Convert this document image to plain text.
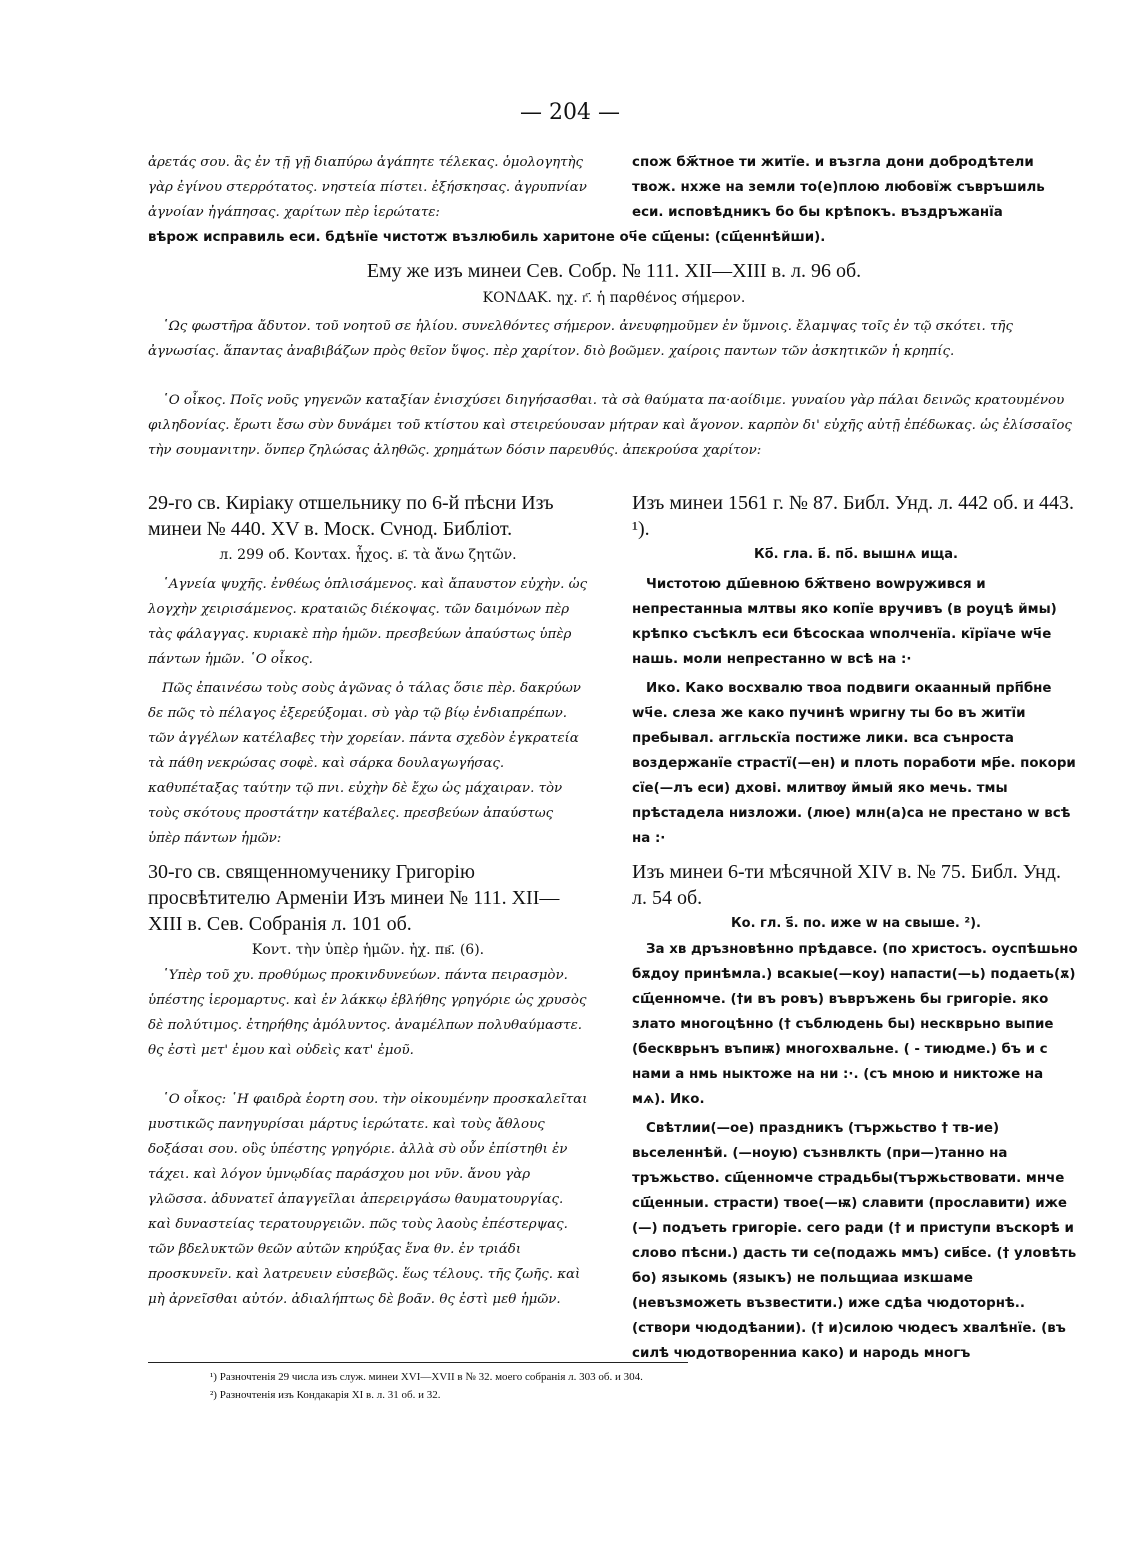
— 204 —
ἀρετάς σου. ἃς ἐν τῇ γῇ διαπύρω ἀγάπητε τέλεκας. ὁμολογητὴς γὰρ ἐγίνου στερρότατος. νηστεία πίστει. ἐξήσκησας. ἀγρυπνίαν ἀγνοίαν ἠγάπησας. χαρίτων πὲρ ἱερώτατε:
спож бж҃тное ти житїе. и възгла дони добродѣтели твож. нхже на земли то(е)плою любовїж съвръшиль еси. исповѣдникъ бо бы крѣпокъ. въздръжанїа
вѣрож исправиль еси. бдѣнїе чистотж възлюбиль харитоне оч҃е сщ҃ены: (сщ҃еннѣйши).
Ему же изъ минеи Сев. Собр. № 111. XII—XIII в. л. 96 об.
ΚΟΝΔΑΚ. ηχ. г҃. ἡ παρθένος σήμερον.
῾Ως φωστῆρα ἄδυτον. τοῦ νοητοῦ σε ἡλίου. συνελθόντες σήμερον. ἀνευφημοῦμεν ἐν ὕμνοις. ἔλαμψας τοῖς ἐν τῷ σκότει. τῆς ἀγνωσίας. ἅπαντας ἀναβιβάζων πρὸς θεῖον ὕψος. πὲρ χαρίτον. διὸ βοῶμεν. χαίροις παντων τῶν ἀσκητικῶν ἡ κρηπίς.
῾Ο οἶκος. Ποῖς νοῦς γηγενῶν καταξίαν ἐνισχύσει διηγήσασθαι. τὰ σὰ θαύματα πα·αοίδιμε. γυναίου γὰρ πάλαι δεινῶς κρατουμένου φιληδονίας. ἔρωτι ἔσω σὺν δυνάμει τοῦ κτίστου καὶ στειρεύουσαν μήτραν καὶ ἄγονον. καρπὸν δι' εὐχῆς αὐτῇ ἐπέδωκας. ὡς ἐλίσσαῖος τὴν σουμανιτην. ὅνπερ ζηλώσας ἀληθῶς. χρημάτων δόσιν παρευθύς. ἀπεκρούσα χαρίτον:
29-го св. Кирiаку отшельнику по 6-й пѣсни Изъ минеи № 440. XV в. Моск. Сνнод. Библiот.
л. 299 об. Κονταx. ἦχος. в҃. τὰ ἄνω ζητῶν.
῾Αγνεία ψυχῆς. ἐνθέως ὁπλισάμενος. καὶ ἄπαυστον εὐχὴν. ὡς λογχὴν χειρισάμενος. κραταιῶς διέκοψας. τῶν δαιμόνων πὲρ τὰς φάλαγγας. κυριακὲ πὴρ ἡμῶν. πρεσβεύων ἀπαύστως ὑπὲρ πάντων ἡμῶν. ῾Ο οἶκος.
Πῶς ἐπαινέσω τοὺς σοὺς ἀγῶνας ὁ τάλας ὅσιε πὲρ. δακρύων δε πῶς τὸ πέλαγος ἐξερεύξομαι. σὺ γὰρ τῷ βίῳ ἐνδιαπρέπων. τῶν ἀγγέλων κατέλαβες τὴν χορείαν. πάντα σχεδὸν ἐγκρατεία τὰ πάθη νεκρώσας σοφὲ. καὶ σάρκα δουλαγωγήσας. καθυπέταξας ταύτην τῷ πνι. εὐχὴν δὲ ἔχω ὡς μάχαιραν. τὸν τοὺς σκότους προστάτην κατέβαλες. πρεσβεύων ἀπαύστως ὑπὲρ πάντων ἡμῶν:
30-го св. священномученику Григорiю просвѣтителю Арменiи Изъ минеи № 111. XII—XIII в. Сев. Собранiя л. 101 об.
Κοντ. τὴν ὑπὲρ ἡμῶν. ἠχ. пв҃. (6).
῾Υπὲρ τοῦ χυ. προθύμως προκινδυνεύων. πάντα πειρασμὸν. ὑπέστης ἱερομαρτυς. καὶ ἐν λάκκῳ ἐβλήθης γρηγόριε ὡς χρυσὸς δὲ πολύτιμος. ἐτηρήθης ἀμόλυντος. ἀναμέλπων πολυθαύμαστε. θς ἐστὶ μετ' ἐμου καὶ οὐδεὶς κατ' ἐμοῦ.
῾Ο οἶκος: ῾Η φαιδρὰ ἑορτη σου. τὴν οἰκουμένην προσκαλεῖται μυστικῶς πανηγυρίσαι μάρτυς ἱερώτατε. καὶ τοὺς ἄθλους δοξάσαι σου. οὓς ὑπέστης γρηγόριε. ἀλλὰ σὺ οὖν ἐπίστηθι ἐν τάχει. καὶ λόγον ὑμνῳδίας παράσχου μοι νῦν. ἄνου γὰρ γλῶσσα. ἀδυνατεῖ ἀπαγγεῖλαι ἀπερειργάσω θαυματουργίας. καὶ δυναστείας τερατουργειῶν. πῶς τοὺς λαοὺς ἐπέστερψας. τῶν βδελυκτῶν θεῶν αὐτῶν κηρύξας ἕνα θν. ἐν τριάδι προσκυνεῖν. καὶ λατρευειν εὐσεβῶς. ἕως τέλους. τῆς ζωῆς. καὶ μὴ ἀρνεῖσθαι αὐτόν. ἀδιαλήπτως δὲ βοᾶν. θς ἐστὶ μεθ ἡμῶν.
Изъ минеи 1561 г. № 87. Библ. Унд. л. 442 об. и 443. ¹).
Ко҃. гла. в҃. по҃. вышнѧ ища.
Чистотою дш҃евною бж҃твено воwружився и непрестанныа млтвы яко копїе вручивъ (в роуцѣ ймы) крѣпко съсѣклъ еси бѣсоскаа wполченїа. кїрїаче wч҃е нашь. моли непрестанно w всѣ на :·
Ико. Како восхвалю твоа подвиги окаанный прп҃бне wч҃е. слеза же како пучинѣ wригну ты бо въ житїи пребывал. аггльскїа постиже лики. вса сънроста воздержанїе страстї(—ен) и плоть поработи мр҃е. покори сїе(—лъ еси) дхові. млитвѹ ймый яко мечь. тмы прѣстадела низложи. (люе) млн(а)са не престано w всѣ на :·
Изъ минеи 6-ти мѣсячной XIV в. № 75. Библ. Унд. л. 54 об.
Ко. гл. s҃. по. иже w на свыше. ²).
За хв дръзновѣнно прѣдавсе. (по христосъ. оуспѣшьно бѫдоу принѣмла.) всакые(—коу) напасти(—ь) подаеть(ѫ) сщ҃енномче. (†и въ ровъ) въвръжень бы григоріе. яко злато многоцѣнно († съблюдень бы) нескврьно выпие (бескврьнъ въпиѭ) многохвальне. ( - тиюдме.) бъ и с нами а нмь ныктоже на ни :·. (съ мною и никтоже на мѧ). Ико.
Свѣтлии(—ое) праздникъ (тържьство † тв-ие) вьселеннѣй. (—ноую) съзнвлкть (при—)танно на тръжьство. сщ҃енномче страдьбы(тържьствовати. мнче сщ҃енныи. страсти) твое(—ѭ) славити (прославити) иже (—) подъеть григоріе. сего ради († и приступи въскорѣ и слово пѣсни.) дасть ти се(подажь ммъ) сив҃се. († уловѣть бо) языкомь (языкъ) не польщиаа изкшаме (невъзможеть възвестити.) иже сдѣа чюдоторнѣ.. (створи чюдодѣании). († и)силою чюдесъ хвалѣнїе. (въ силѣ чюдотворенниа како) и народь многъ
¹) Разночтенiя 29 числа изъ служ. минеи XVI—XVII в № 32. моего собранiя л. 303 об. и 304.
²) Разночтенiя изъ Кондакарiя XI в. л. 31 об. и 32.
